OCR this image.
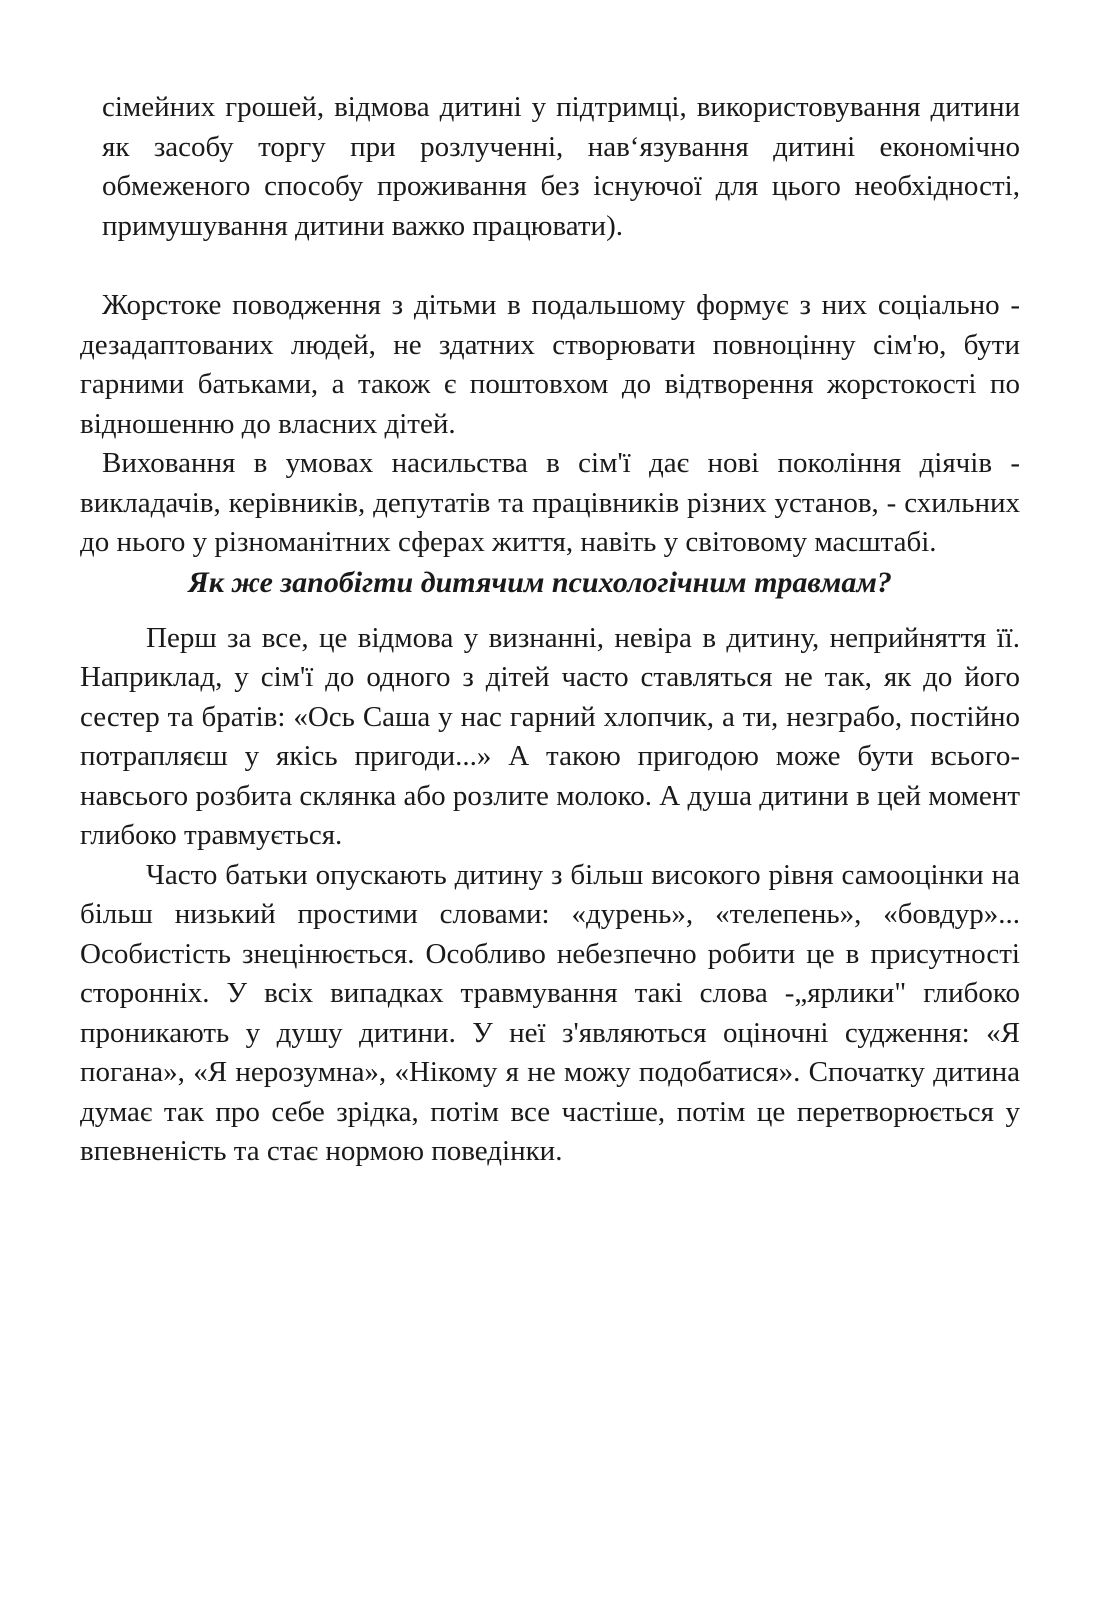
сімейних грошей, відмова дитині у підтримці, використовування дитини як засобу торгу при розлученні, нав‘язування дитині економічно обмеженого способу проживання без існуючої для цього необхідності, примушування дитини важко працювати).

Жорстоке поводження з дітьми в подальшому формує з них соціально - дезадаптованих людей, не здатних створювати повноцінну сім'ю, бути гарними батьками, а також є поштовхом до відтворення жорстокості по відношенню до власних дітей.

Виховання в умовах насильства в сім'ї дає нові покоління діячів - викладачів, керівників, депутатів та працівників різних установ, - схильних до нього у різноманітних сферах життя, навіть у світовому масштабі.

Як же запобігти дитячим психологічним травмам?

Перш за все, це відмова у визнанні, невіра в дитину, неприйняття її. Наприклад, у сім'ї до одного з дітей часто ставляться не так, як до його сестер та братів: «Ось Саша у нас гарний хлопчик, а ти, незграбо, постійно потрапляєш у якісь пригоди...» А такою пригодою може бути всього-навсього розбита склянка або розлите молоко. А душа дитини в цей момент глибоко травмується.

Часто батьки опускають дитину з більш високого рівня самооцінки на більш низький простими словами: «дурень», «телепень», «бовдур»... Особистість знецінюється. Особливо небезпечно робити це в присутності сторонніх. У всіх випадках травмування такі слова -„ярлики" глибоко проникають у душу дитини. У неї з'являються оціночні судження: «Я погана», «Я нерозумна», «Нікому я не можу подобатися». Спочатку дитина думає так про себе зрідка, потім все частіше, потім це перетворюється у впевненість та стає нормою поведінки.
